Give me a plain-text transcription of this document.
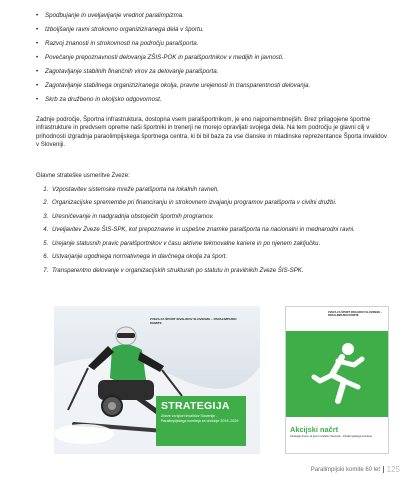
• Spodbujanje in uveljavljanje vrednot paralimpizma.
• Izboljšanje ravni strokovno organiziziranega dela v športu.
• Razvoj znanosti in strokovnosti na področju paralšporta.
• Povečanje prepoznavnosti delovanja ZŠIS-POK in paralšportnikov v medijih in javnosti.
• Zagotavljanje stabilnih finančnih virov za delovanje paralšporta.
• Zagotavljanje stabilnega organiziziranega okolja, pravne urejenosti in transparentnosti delovanja.
• Skrb za družbeno in okoljsko odgovornost.

Zadnje področje, Športna infrastruktura, dostopna vsem paralšportnikom, je eno najpomembnejših. Brez prilagojene športne infrastrukture in predvsem opreme naši športniki in trenerji ne morejo opravljati svojega dela. Na tem področju je glavni cilj v prihodnosti izgradnja paraolimpijskega športnega centra, ki bi bil baza za vse članske in mladinske reprezentance Športa invalidov v Sloveniji.

Glavne strateške usmeritve Zveze:

1. Vzpostavitev sistemske mreže paralšporta na lokalnih ravneh.
2. Organizacijske spremembe pri financiranju in strokovnem izvajanju programov paralšporta v civilni družbi.
3. Uresničevanje in nadgradnja obstoječih športnih programov.
4. Uveljavitev Zveze ŠIS-SPK, kot prepoznavne in uspešne znamke paralšporta na nacionalni in mednarodni ravni.
5. Urejanje statusnih pravic paralšportnikov v času aktivne tekmovalne kariere in po njenem zaključku.
6. Ustvarjanje ugodnega normativnega in davčnega okolja za šport.
7. Transparentno delovanje v organizacijskih strukturah po statutu in pravilnikih Zveze ŠIS-SPK.
ZVEZA ZA ŠPORT INVALIDOV SLOVENIJE – PARALIMPIJSKI KOMITE
STRATEGIJA
Zveze za šport invalidov Slovenije - Paralimpijskega komiteja za obdobje 2019–2029
ZVEZA ZA ŠPORT INVALIDOV SLOVENIJE – PARALIMPIJSKI KOMITE
Akcijski načrt
Strategije Zveze za šport invalidov Slovenije - Paralimpijskega komiteja
Paralimpijski komite 60 let 125
